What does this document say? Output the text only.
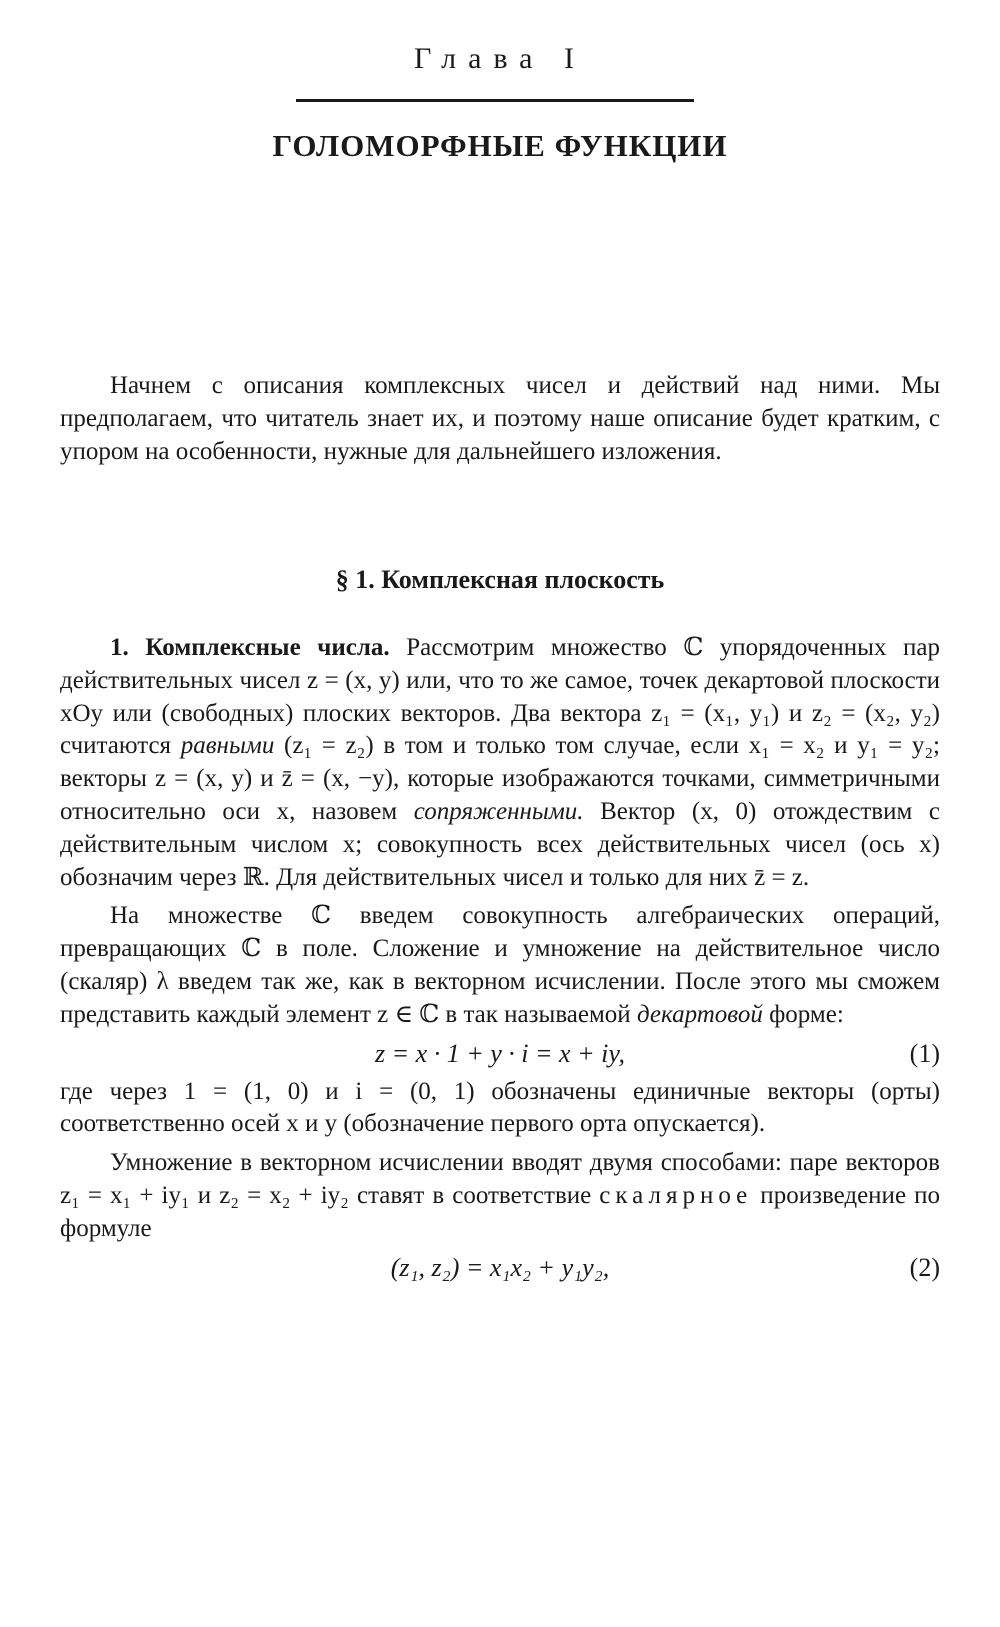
Глава I
ГОЛОМОРФНЫЕ ФУНКЦИИ

Начнем с описания комплексных чисел и действий над ними. Мы предполагаем, что читатель знает их, и поэтому наше описание будет кратким, с упором на особенности, нужные для дальнейшего изложения.

§ 1. Комплексная плоскость

1. Комплексные числа. Рассмотрим множество ℂ упорядоченных пар действительных чисел z = (x, y) или, что то же самое, точек декартовой плоскости xOy или (свободных) плоских векторов. Два вектора z₁ = (x₁, y₁) и z₂ = (x₂, y₂) считаются равными (z₁ = z₂) в том и только том случае, если x₁ = x₂ и y₁ = y₂; векторы z = (x, y) и z̄ = (x, −y), которые изображаются точками, симметричными относительно оси x, назовем сопряженными. Вектор (x, 0) отождествим с действительным числом x; совокупность всех действительных чисел (ось x) обозначим через ℝ. Для действительных чисел и только для них z̄ = z.

На множестве ℂ введем совокупность алгебраических операций, превращающих ℂ в поле. Сложение и умножение на действительное число (скаляр) λ введем так же, как в векторном исчислении. После этого мы сможем представить каждый элемент z ∈ ℂ в так называемой декартовой форме:

z = x · 1 + y · i = x + iy,	(1)

где через 1 = (1, 0) и i = (0, 1) обозначены единичные векторы (орты) соответственно осей x и y (обозначение первого орта опускается).

Умножение в векторном исчислении вводят двумя способами: паре векторов z₁ = x₁ + iy₁ и z₂ = x₂ + iy₂ ставят в соответствие скалярное произведение по формуле

(z₁, z₂) = x₁x₂ + y₁y₂,	(2)
